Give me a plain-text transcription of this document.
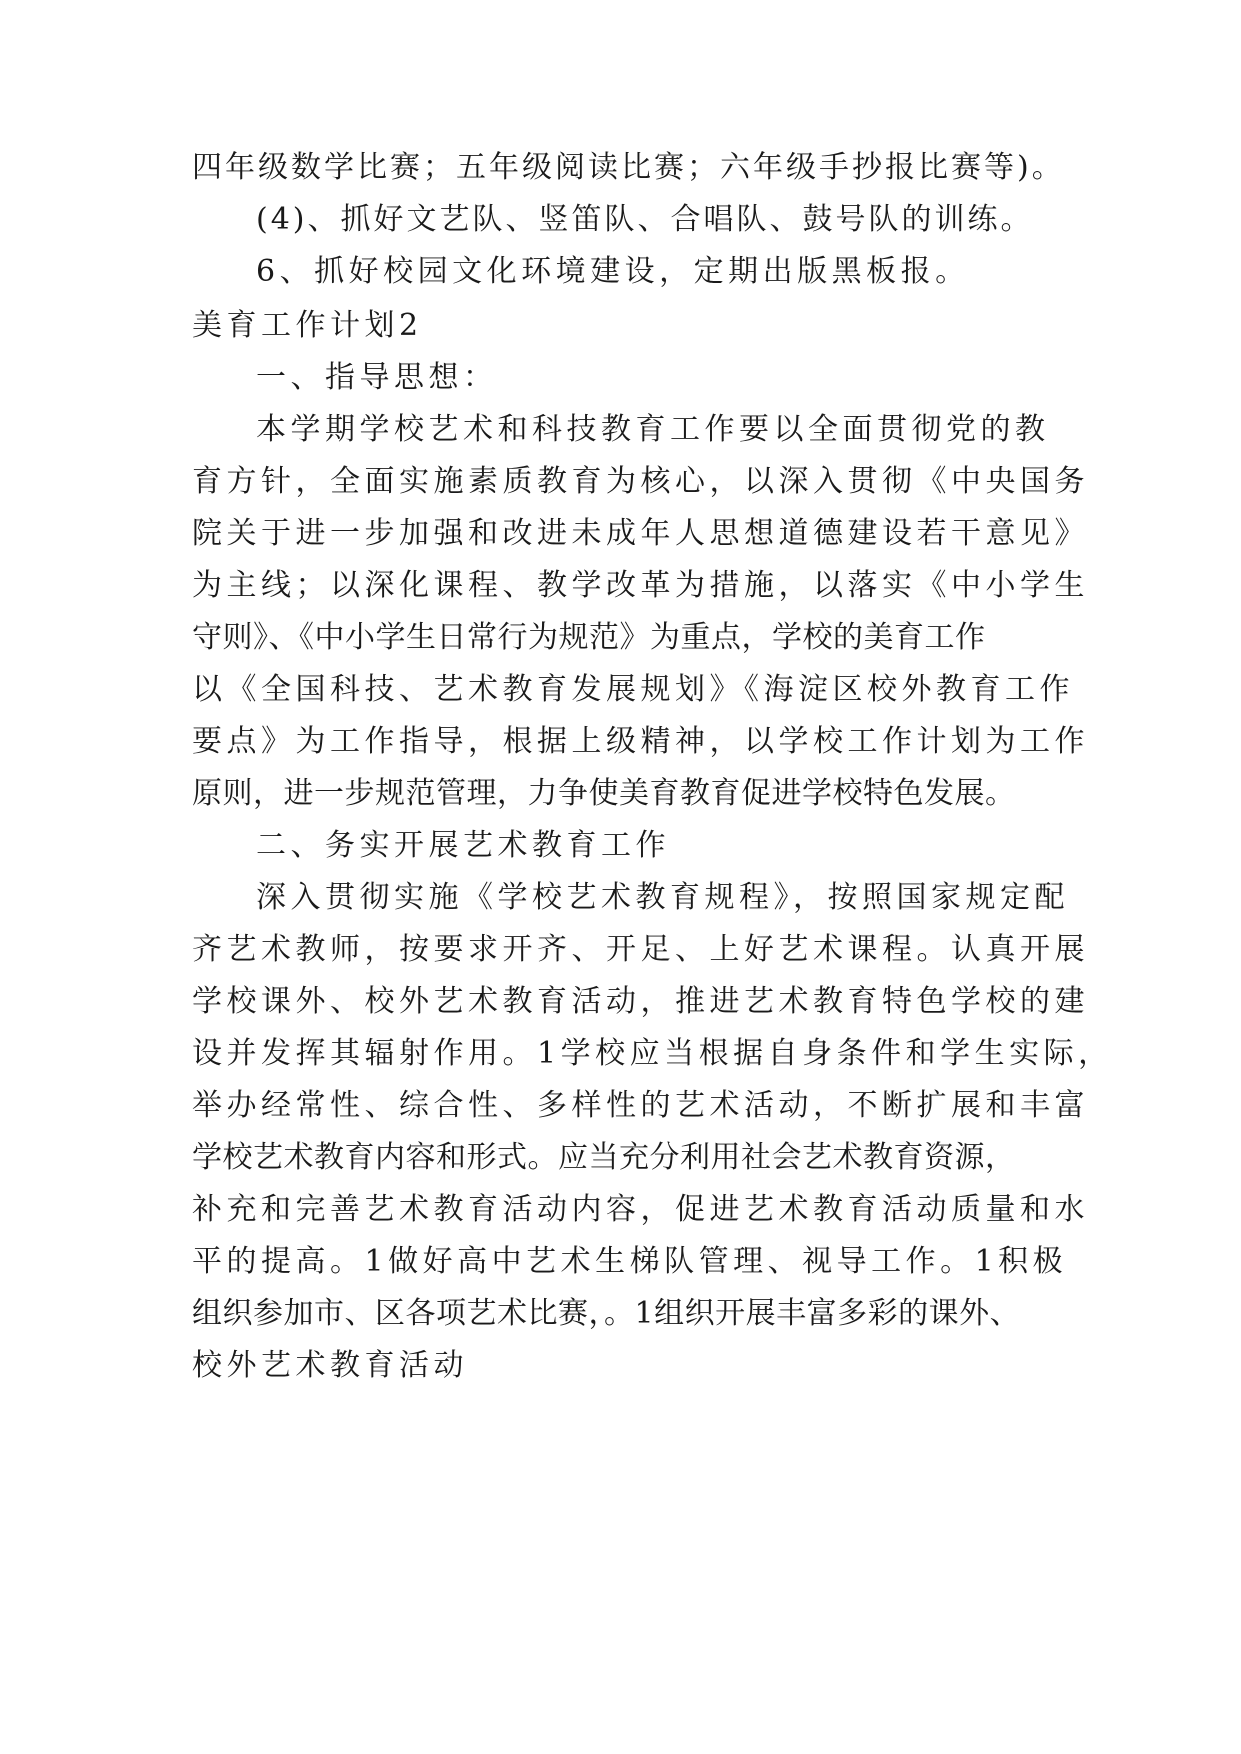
四年级数学比赛；五年级阅读比赛；六年级手抄报比赛等)。
(4)、抓好文艺队、竖笛队、合唱队、鼓号队的训练。
6、抓好校园文化环境建设，定期出版黑板报。
美育工作计划2
一、指导思想：
本学期学校艺术和科技教育工作要以全面贯彻党的教
育方针，全面实施素质教育为核心，以深入贯彻《中央国务
院关于进一步加强和改进未成年人思想道德建设若干意见》
为主线；以深化课程、教学改革为措施，以落实《中小学生
守则》、《中小学生日常行为规范》为重点，学校的美育工作
以《全国科技、艺术教育发展规划》《海淀区校外教育工作
要点》为工作指导，根据上级精神，以学校工作计划为工作
原则，进一步规范管理，力争使美育教育促进学校特色发展。
二、务实开展艺术教育工作
深入贯彻实施《学校艺术教育规程》，按照国家规定配
齐艺术教师，按要求开齐、开足、上好艺术课程。认真开展
学校课外、校外艺术教育活动，推进艺术教育特色学校的建
设并发挥其辐射作用。1学校应当根据自身条件和学生实际，
举办经常性、综合性、多样性的艺术活动，不断扩展和丰富
学校艺术教育内容和形式。应当充分利用社会艺术教育资源，
补充和完善艺术教育活动内容，促进艺术教育活动质量和水
平的提高。1做好高中艺术生梯队管理、视导工作。1积极
组织参加市、区各项艺术比赛，。1组织开展丰富多彩的课外、
校外艺术教育活动
